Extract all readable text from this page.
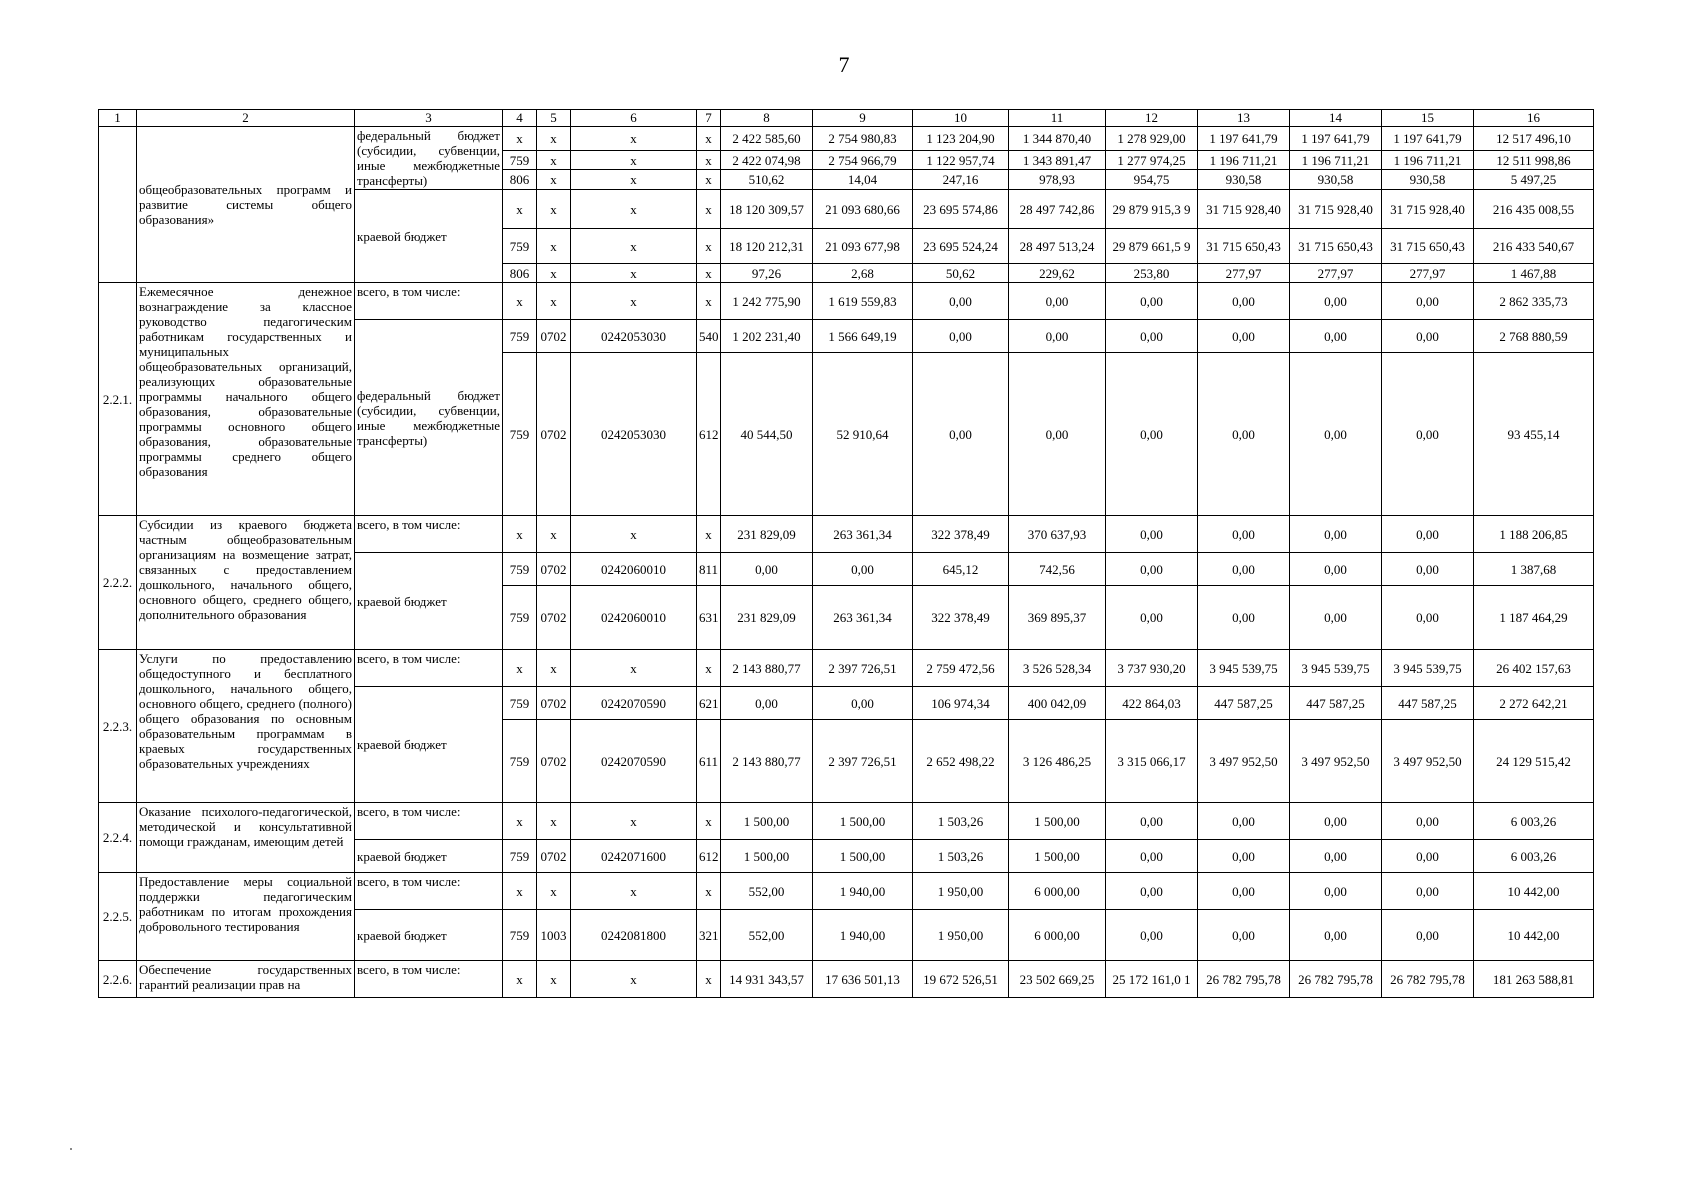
7
1	2	3	4	5	6	7	8	9	10	11	12	13	14	15	16
	общеобразовательных программ и развитие системы общего образования»	федеральный бюджет (субсидии, субвенции, иные межбюджетные трансферты)	x	x	x	x	2 422 585,60	2 754 980,83	1 123 204,90	1 344 870,40	1 278 929,00	1 197 641,79	1 197 641,79	1 197 641,79	12 517 496,10
			759	x	x	x	2 422 074,98	2 754 966,79	1 122 957,74	1 343 891,47	1 277 974,25	1 196 711,21	1 196 711,21	1 196 711,21	12 511 998,86
			806	x	x	x	510,62	14,04	247,16	978,93	954,75	930,58	930,58	930,58	5 497,25
		краевой бюджет	x	x	x	x	18 120 309,57	21 093 680,66	23 695 574,86	28 497 742,86	29 879 915,3 9	31 715 928,40	31 715 928,40	31 715 928,40	216 435 008,55
			759	x	x	x	18 120 212,31	21 093 677,98	23 695 524,24	28 497 513,24	29 879 661,5 9	31 715 650,43	31 715 650,43	31 715 650,43	216 433 540,67
			806	x	x	x	97,26	2,68	50,62	229,62	253,80	277,97	277,97	277,97	1 467,88
2.2.1.	Ежемесячное денежное вознаграждение за классное руководство педагогическим работникам государственных и муниципальных общеобразовательных организаций, реализующих образовательные программы начального общего образования, образовательные программы основного общего образования, образовательные программы среднего общего образования	всего, в том числе:	x	x	x	x	1 242 775,90	1 619 559,83	0,00	0,00	0,00	0,00	0,00	0,00	2 862 335,73
		федеральный бюджет (субсидии, субвенции, иные межбюджетные трансферты)	759	0702	0242053030	540	1 202 231,40	1 566 649,19	0,00	0,00	0,00	0,00	0,00	0,00	2 768 880,59
			759	0702	0242053030	612	40 544,50	52 910,64	0,00	0,00	0,00	0,00	0,00	0,00	93 455,14
2.2.2.	Субсидии из краевого бюджета частным общеобразовательным организациям на возмещение затрат, связанных с предоставлением дошкольного, начального общего, основного общего, среднего общего, дополнительного образования	всего, в том числе:	x	x	x	x	231 829,09	263 361,34	322 378,49	370 637,93	0,00	0,00	0,00	0,00	1 188 206,85
		краевой бюджет	759	0702	0242060010	811	0,00	0,00	645,12	742,56	0,00	0,00	0,00	0,00	1 387,68
			759	0702	0242060010	631	231 829,09	263 361,34	322 378,49	369 895,37	0,00	0,00	0,00	0,00	1 187 464,29
2.2.3.	Услуги по предоставлению общедоступного и бесплатного дошкольного, начального общего, основного общего, среднего (полного) общего образования по основным образовательным программам в краевых государственных образовательных учреждениях	всего, в том числе:	x	x	x	x	2 143 880,77	2 397 726,51	2 759 472,56	3 526 528,34	3 737 930,20	3 945 539,75	3 945 539,75	3 945 539,75	26 402 157,63
		краевой бюджет	759	0702	0242070590	621	0,00	0,00	106 974,34	400 042,09	422 864,03	447 587,25	447 587,25	447 587,25	2 272 642,21
			759	0702	0242070590	611	2 143 880,77	2 397 726,51	2 652 498,22	3 126 486,25	3 315 066,17	3 497 952,50	3 497 952,50	3 497 952,50	24 129 515,42
2.2.4.	Оказание психолого-педагогической, методической и консультативной помощи гражданам, имеющим детей	всего, в том числе:	x	x	x	x	1 500,00	1 500,00	1 503,26	1 500,00	0,00	0,00	0,00	0,00	6 003,26
		краевой бюджет	759	0702	0242071600	612	1 500,00	1 500,00	1 503,26	1 500,00	0,00	0,00	0,00	0,00	6 003,26
2.2.5.	Предоставление меры социальной поддержки педагогическим работникам по итогам прохождения добровольного тестирования	всего, в том числе:	x	x	x	x	552,00	1 940,00	1 950,00	6 000,00	0,00	0,00	0,00	0,00	10 442,00
		краевой бюджет	759	1003	0242081800	321	552,00	1 940,00	1 950,00	6 000,00	0,00	0,00	0,00	0,00	10 442,00
2.2.6.	Обеспечение государственных гарантий реализации прав на	всего, в том числе:	x	x	x	x	14 931 343,57	17 636 501,13	19 672 526,51	23 502 669,25	25 172 161,0 1	26 782 795,78	26 782 795,78	26 782 795,78	181 263 588,81
